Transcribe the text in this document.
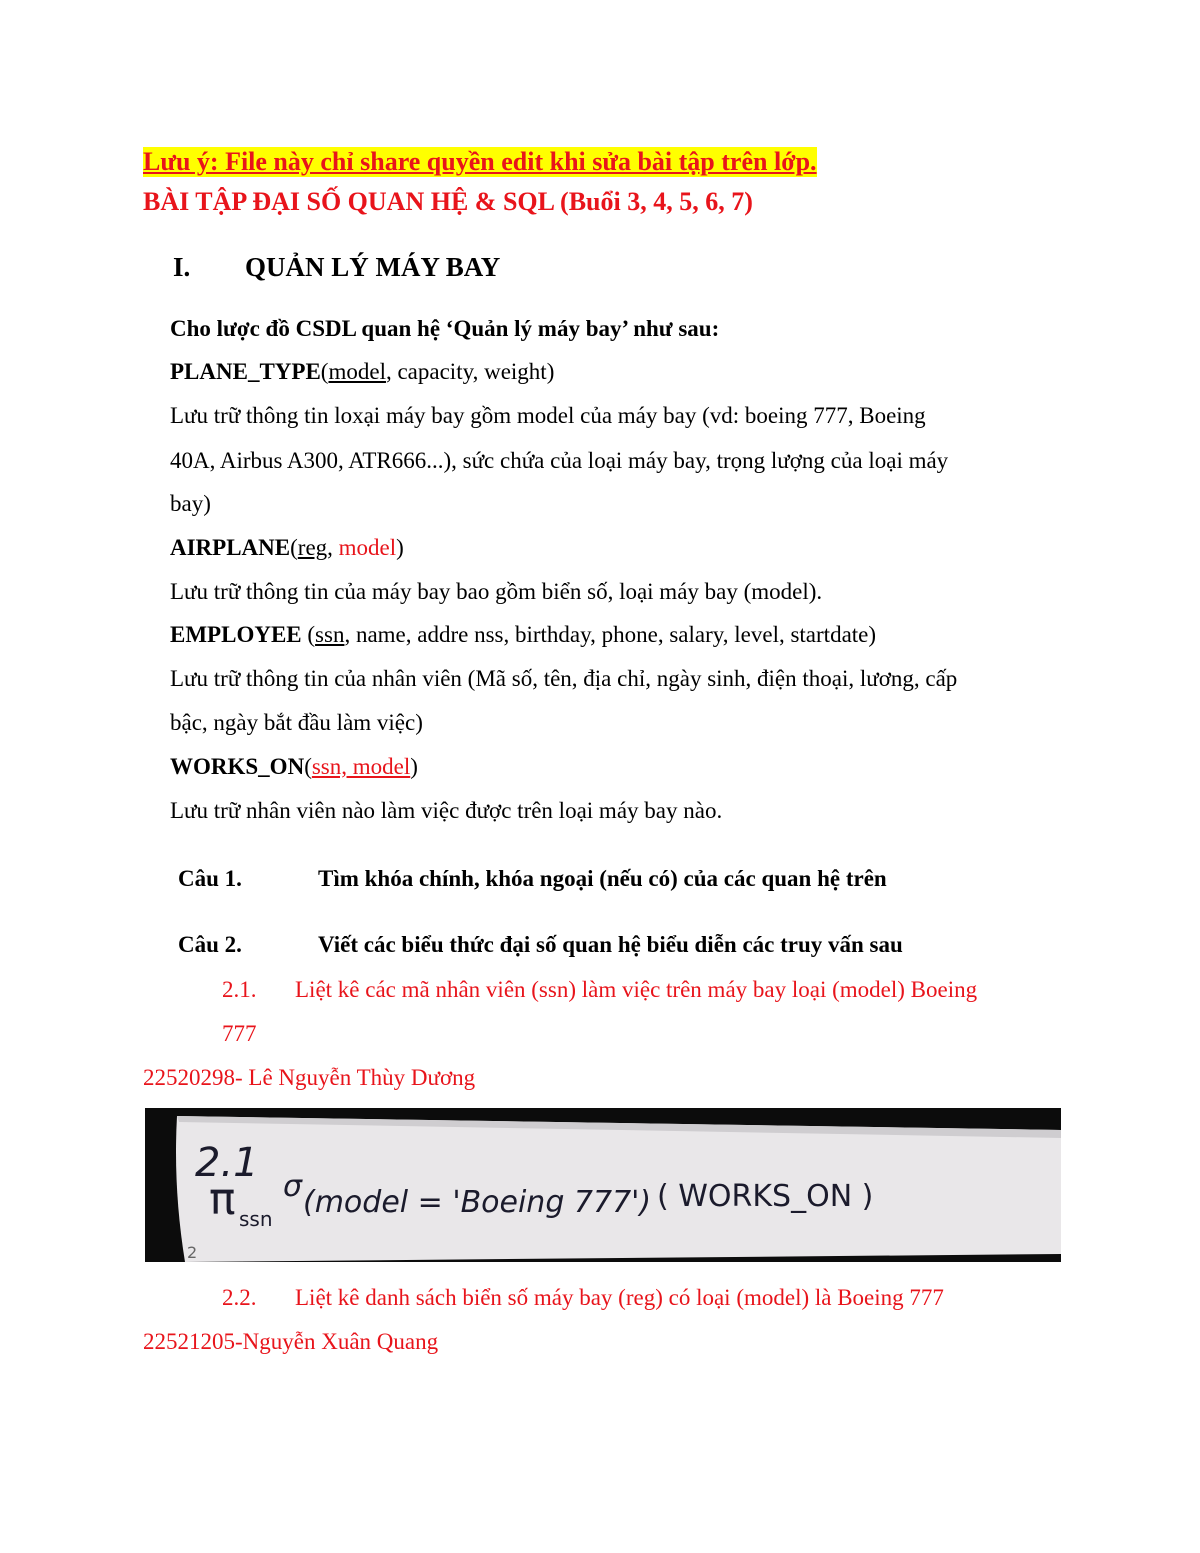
Lưu ý: File này chỉ share quyền edit khi sửa bài tập trên lớp.
BÀI TẬP ĐẠI SỐ QUAN HỆ & SQL (Buổi 3, 4, 5, 6, 7)
I. QUẢN LÝ MÁY BAY
Cho lược đồ CSDL quan hệ ‘Quản lý máy bay’ như sau:
PLANE_TYPE(model, capacity, weight)
Lưu trữ thông tin loxại máy bay gồm model của máy bay (vd: boeing 777, Boeing
40A, Airbus A300, ATR666...), sức chứa của loại máy bay, trọng lượng của loại máy
bay)
AIRPLANE(reg, model)
Lưu trữ thông tin của máy bay bao gồm biển số, loại máy bay (model).
EMPLOYEE (ssn, name, addre nss, birthday, phone, salary, level, startdate)
Lưu trữ thông tin của nhân viên (Mã số, tên, địa chỉ, ngày sinh, điện thoại, lương, cấp
bậc, ngày bắt đầu làm việc)
WORKS_ON(ssn, model)
Lưu trữ nhân viên nào làm việc được trên loại máy bay nào.
Câu 1.	Tìm khóa chính, khóa ngoại (nếu có) của các quan hệ trên
Câu 2.	Viết các biểu thức đại số quan hệ biểu diễn các truy vấn sau
2.1. Liệt kê các mã nhân viên (ssn) làm việc trên máy bay loại (model) Boeing
777
22520298- Lê Nguyễn Thùy Dương
2.1
π ssn
σ (model = 'Boeing 777') ( WORKS_ON )
2
2.2. Liệt kê danh sách biển số máy bay (reg) có loại (model) là Boeing 777
22521205-Nguyễn Xuân Quang
